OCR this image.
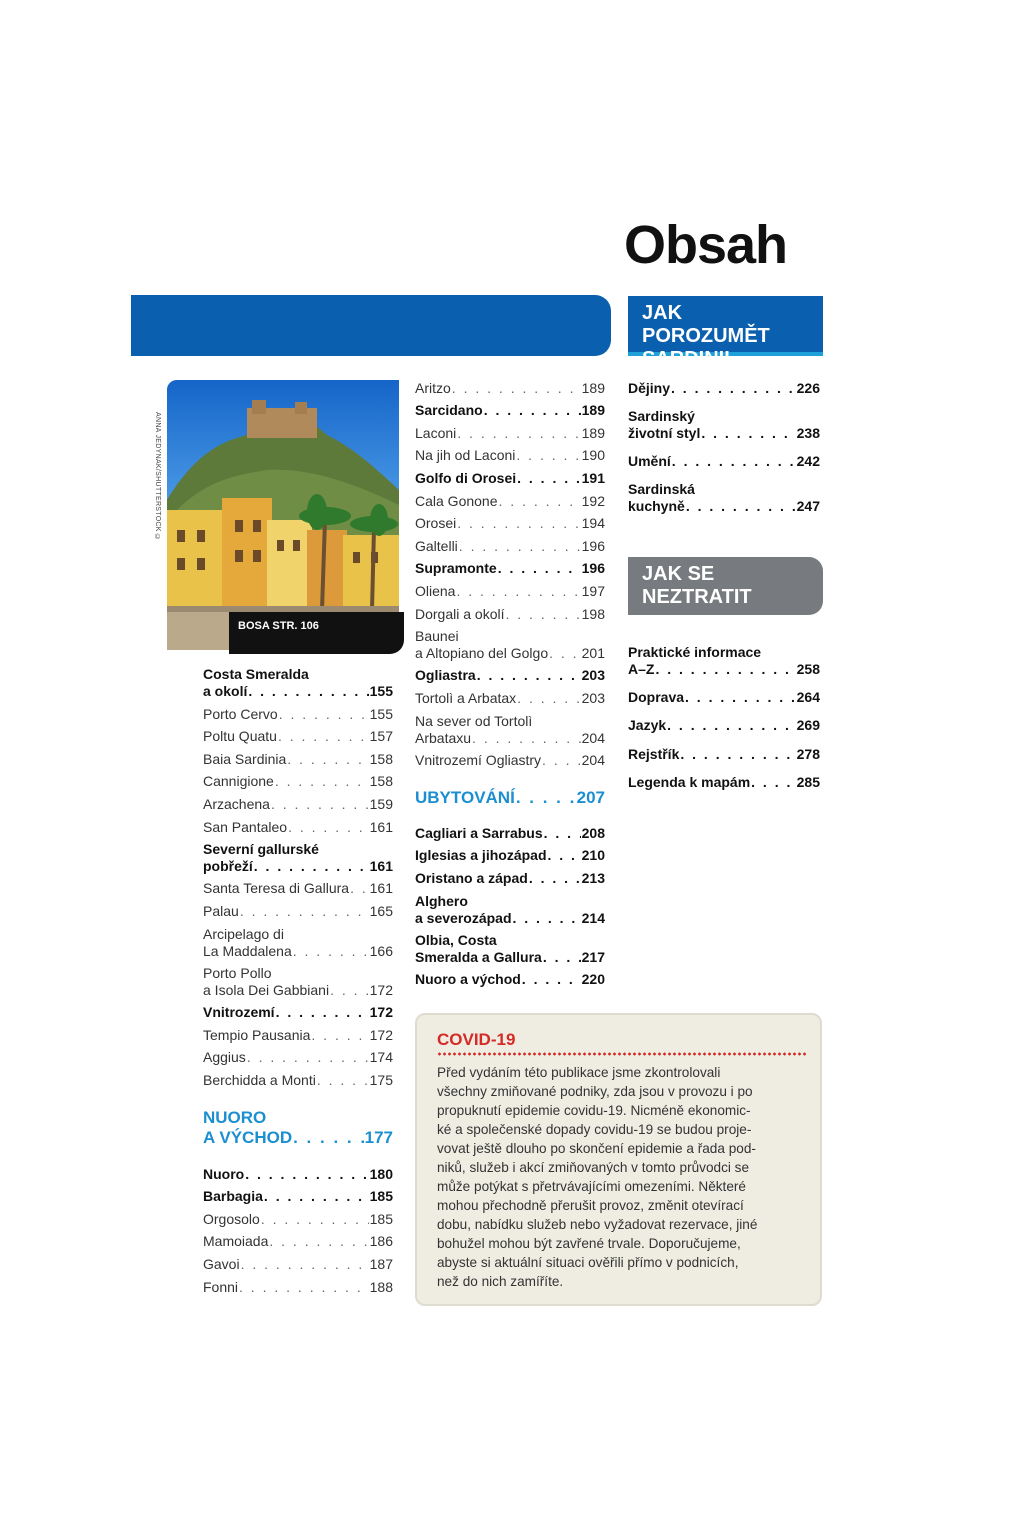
Obsah
JAK POROZUMĚT SARDINII
JAK SE NEZTRATIT
ANNA JEDYNAK/SHUTTERSTOCK ©
BOSA STR. 106
Costa Smeralda
a okolí . . .	155
Porto Cervo . . .	155
Poltu Quatu . . .	157
Baia Sardinia . . .	158
Cannigione . . .	158
Arzachena . . .	159
San Pantaleo . . .	161
Severní gallurské
pobřeží . . .	161
Santa Teresa di Gallura . . . 161
Palau . . .	165
Arcipelago di
La Maddalena . . .	166
Porto Pollo
a Isola Dei Gabbiani . . .	172
Vnitrozemí . . .	172
Tempio Pausania . . .	172
Aggius . . .	174
Berchidda a Monti . . .	175
NUORO
A VÝCHOD . . .	177
Nuoro . . .	180
Barbagia . . .	185
Orgosolo . . .	185
Mamoiada . . .	186
Gavoi . . .	187
Fonni . . .	188
Aritzo . . .	189
Sarcidano . . .	189
Laconi . . .	189
Na jih od Laconi . . .	190
Golfo di Orosei . . .	191
Cala Gonone . . .	192
Orosei . . .	194
Galtelli . . .	196
Supramonte . . .	196
Oliena . . .	197
Dorgali a okolí . . .	198
Baunei
a Altopiano del Golgo . . . 201
Ogliastra . . .	203
Tortolì a Arbatax . . .	203
Na sever od Tortolì
Arbataxu . . .	204
Vnitrozemí Ogliastry . . .	204
UBYTOVÁNÍ . . .	207
Cagliari a Sarrabus . . .	208
Iglesias a jihozápad . . .	210
Oristano a západ . . .	213
Alghero
a severozápad . . .	214
Olbia, Costa
Smeralda a Gallura . . .	217
Nuoro a východ . . .	220
Dějiny . . .	226
Sardinský
životní styl . . .	238
Umění . . .	242
Sardinská
kuchyně . . .	247
Praktické informace
A–Z . . .	258
Doprava . . .	264
Jazyk . . .	269
Rejstřík . . .	278
Legenda k mapám . . .	285
COVID-19
Před vydáním této publikace jsme zkontrolovali
všechny zmiňované podniky, zda jsou v provozu i po
propuknutí epidemie covidu-19. Nicméně ekonomic-
ké a společenské dopady covidu-19 se budou proje-
vovat ještě dlouho po skončení epidemie a řada pod-
niků, služeb i akcí zmiňovaných v tomto průvodci se
může potýkat s přetrvávajícími omezeními. Některé
mohou přechodně přerušit provoz, změnit otevírací
dobu, nabídku služeb nebo vyžadovat rezervace, jiné
bohužel mohou být zavřené trvale. Doporučujeme,
abyste si aktuální situaci ověřili přímo v podnicích,
než do nich zamíříte.
